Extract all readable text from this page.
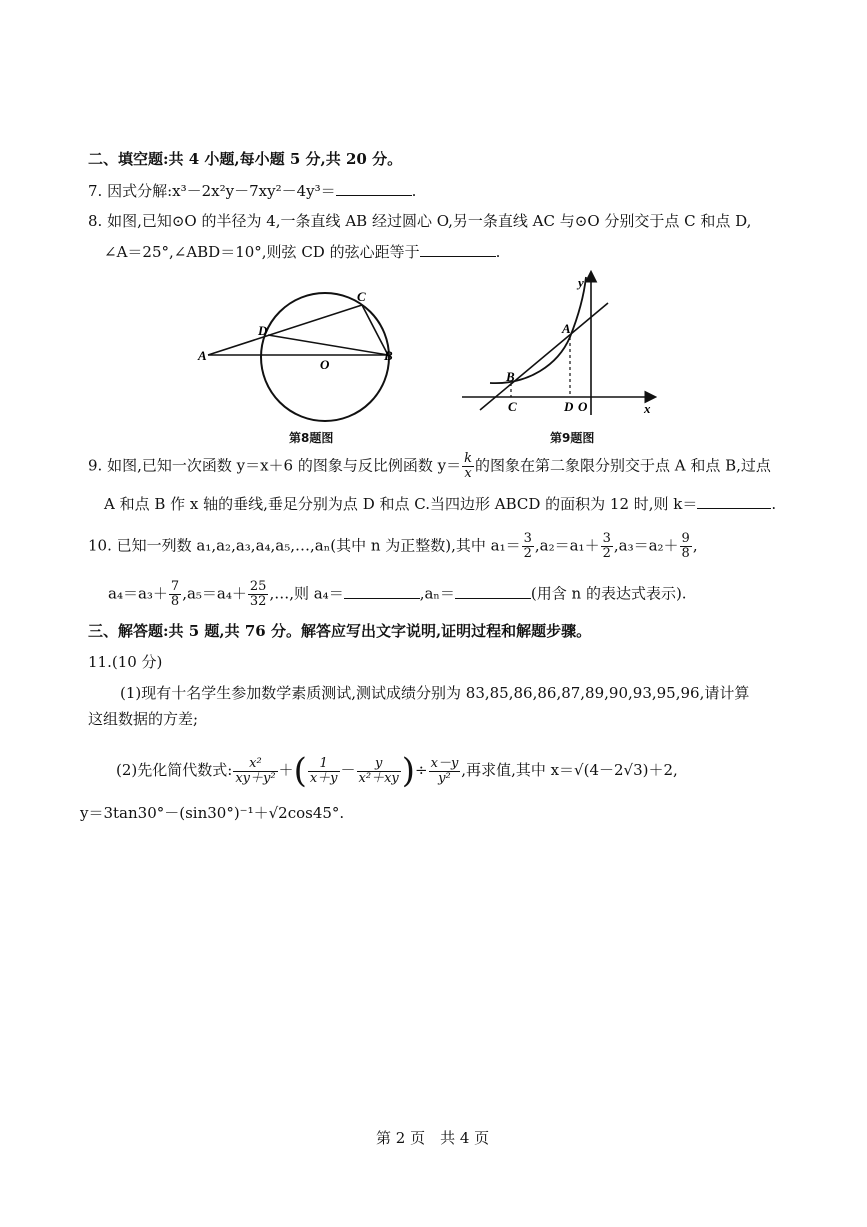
二、填空题:共 4 小题,每小题 5 分,共 20 分。
7. 因式分解:x³－2x²y－7xy²－4y³＝	.
8. 如图,已知⊙O 的半径为 4,一条直线 AB 经过圆心 O,另一条直线 AC 与⊙O 分别交于点 C 和点 D,
∠A＝25°,∠ABD＝10°,则弦 CD 的弦心距等于	.
A	B
C
D
O
第8题图
y
x
A
B
C	D O
第9题图
9. 如图,已知一次函数 y＝x＋6 的图象与反比例函数 $y= \frac{k}{x}$ 的图象在第二象限分别交于点 A 和点 B,过点
A 和点 B 作 x 轴的垂线,垂足分别为点 D 和点 C.当四边形 ABCD 的面积为 12 时,则 k＝	.
10. 已知一列数 a₁,a₂,a₃,a₄,a₅,…,aₙ(其中 n 为正整数),其中 $a_1= \frac{3}{2} ,a_2=a_1+ \frac{3}{2} ,a_3=a_2+ \frac{9}{8}$ ,
$a_4=a_3+ \frac{7}{8} ,a_5=a_4+ \frac{25}{32}$ ,…,则 a₄＝	,aₙ＝	(用含 n 的表达式表示).
三、解答题:共 5 题,共 76 分。解答应写出文字说明,证明过程和解题步骤。
11.(10 分)
(1)现有十名学生参加数学素质测试,测试成绩分别为 83,85,86,86,87,89,90,93,95,96,请计算
这组数据的方差;
(2)先化简代数式: $\frac{\text{x²}}{\text{xy＋y²}}$ ＋( $\frac{1}{x+y} - \frac{y}{\text{x²＋xy}}$ )÷ $\frac{x-y}{\text{y²}}$ ,再求值,其中 x＝√(4－2√3)＋2,
y＝3tan30°－(sin30°)⁻¹＋√2cos45°.
第 2 页　共 4 页
